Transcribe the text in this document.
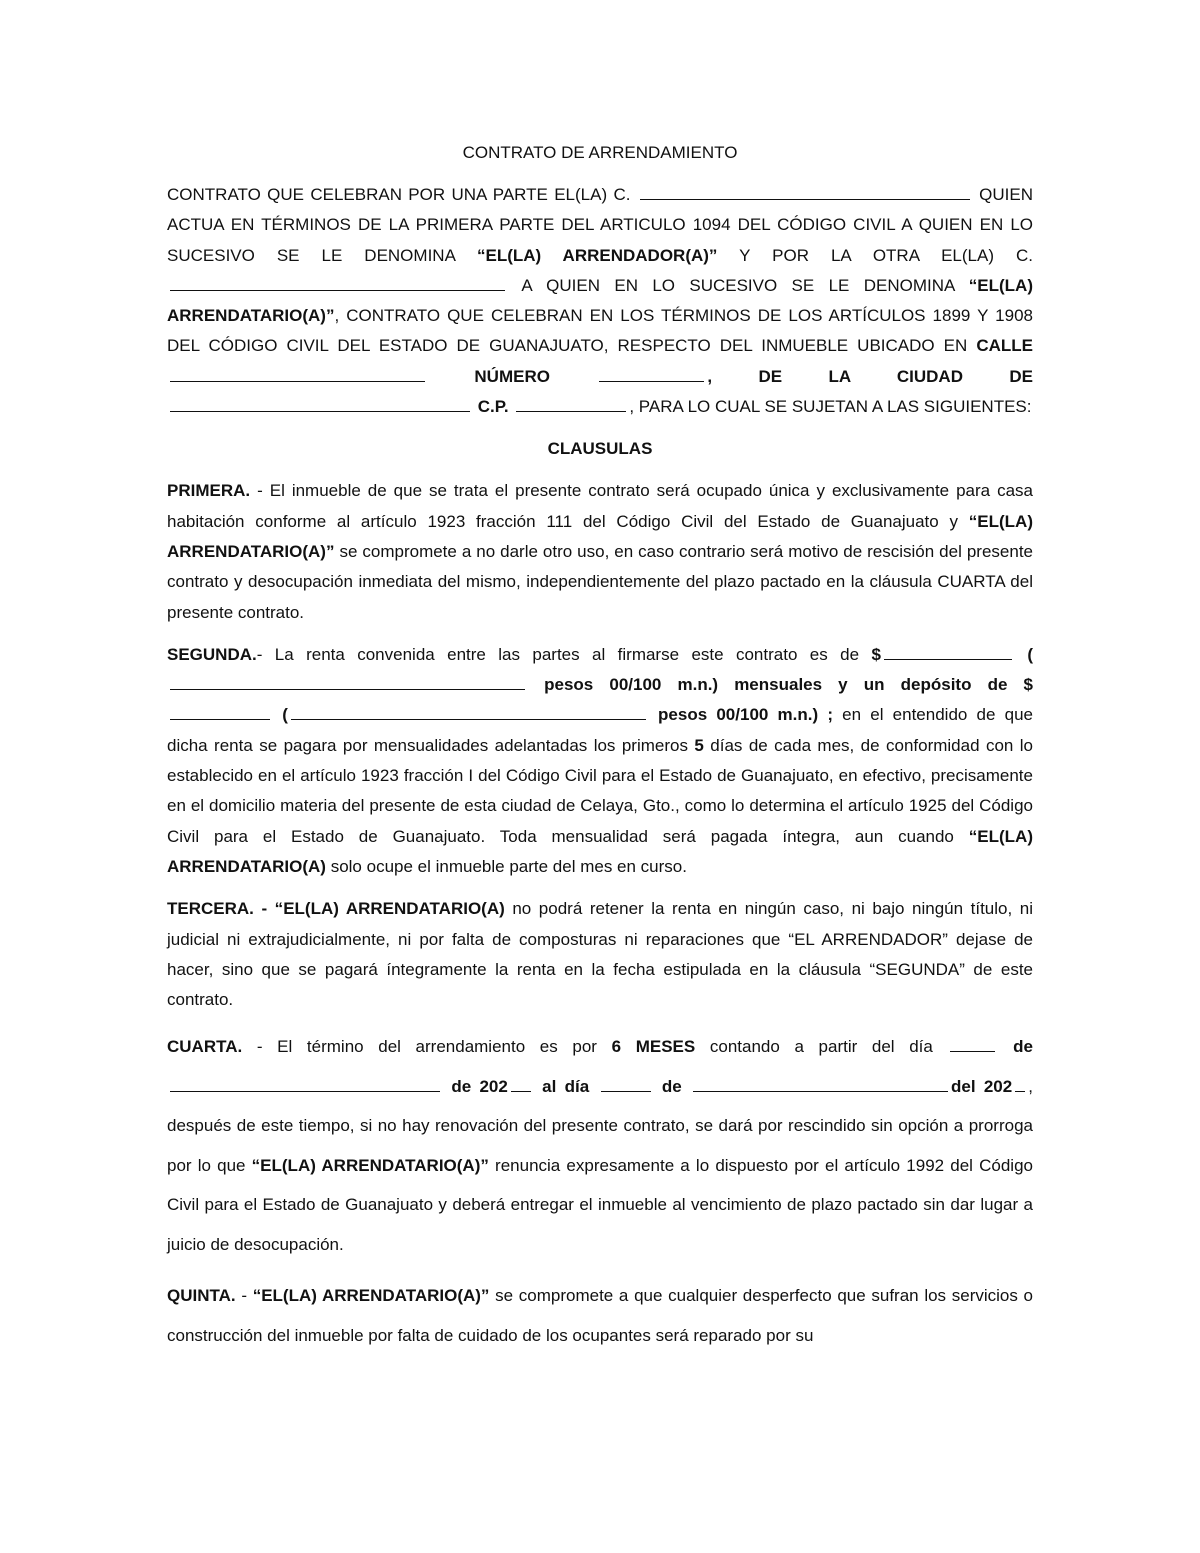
CONTRATO DE ARRENDAMIENTO

CONTRATO QUE CELEBRAN POR UNA PARTE EL(LA) C.	QUIEN ACTUA EN TÉRMINOS DE LA PRIMERA PARTE DEL ARTICULO 1094 DEL CÓDIGO CIVIL A QUIEN EN LO SUCESIVO SE LE DENOMINA “EL(LA) ARRENDADOR(A)” Y POR LA OTRA EL(LA) C.  A QUIEN EN LO SUCESIVO SE LE DENOMINA “EL(LA) ARRENDATARIO(A)”, CONTRATO QUE CELEBRAN EN LOS TÉRMINOS DE LOS ARTÍCULOS 1899 Y 1908 DEL CÓDIGO CIVIL DEL ESTADO DE GUANAJUATO, RESPECTO DEL INMUEBLE UBICADO EN CALLE  NÚMERO	, DE LA CIUDAD DE  C.P.	, PARA LO CUAL SE SUJETAN A LAS SIGUIENTES:

CLAUSULAS

PRIMERA. - El inmueble de que se trata el presente contrato será ocupado única y exclusivamente para casa habitación conforme al artículo 1923 fracción 111 del Código Civil del Estado de Guanajuato y “EL(LA) ARRENDATARIO(A)” se compromete a no darle otro uso, en caso contrario será motivo de rescisión del presente contrato y desocupación inmediata del mismo, independientemente del plazo pactado en la cláusula CUARTA del presente contrato.

SEGUNDA.- La renta convenida entre las partes al firmarse este contrato es de $	( pesos 00/100 m.n.) mensuales y un depósito de $ (	pesos 00/100 m.n.) ; en el entendido de que dicha renta se pagara por mensualidades adelantadas los primeros 5 días de cada mes, de conformidad con lo establecido en el artículo 1923 fracción I del Código Civil para el Estado de Guanajuato, en efectivo, precisamente en el domicilio materia del presente de esta ciudad de Celaya, Gto., como lo determina el artículo 1925 del Código Civil para el Estado de Guanajuato. Toda mensualidad será pagada íntegra, aun cuando “EL(LA) ARRENDATARIO(A) solo ocupe el inmueble parte del mes en curso.

TERCERA. - “EL(LA) ARRENDATARIO(A) no podrá retener la renta en ningún caso, ni bajo ningún título, ni judicial ni extrajudicialmente, ni por falta de composturas ni reparaciones que “EL ARRENDADOR” dejase de hacer, sino que se pagará íntegramente la renta en la fecha estipulada en la cláusula “SEGUNDA” de este contrato.

CUARTA. - El término del arrendamiento es por 6 MESES contando a partir del día	de  de 202 al día	de	del 202 , después de este tiempo, si no hay renovación del presente contrato, se dará por rescindido sin opción a prorroga por lo que “EL(LA) ARRENDATARIO(A)” renuncia expresamente a lo dispuesto por el artículo 1992 del Código Civil para el Estado de Guanajuato y deberá entregar el inmueble al vencimiento de plazo pactado sin dar lugar a juicio de desocupación.

QUINTA. - “EL(LA) ARRENDATARIO(A)” se compromete a que cualquier desperfecto que sufran los servicios o construcción del inmueble por falta de cuidado de los ocupantes será reparado por su
